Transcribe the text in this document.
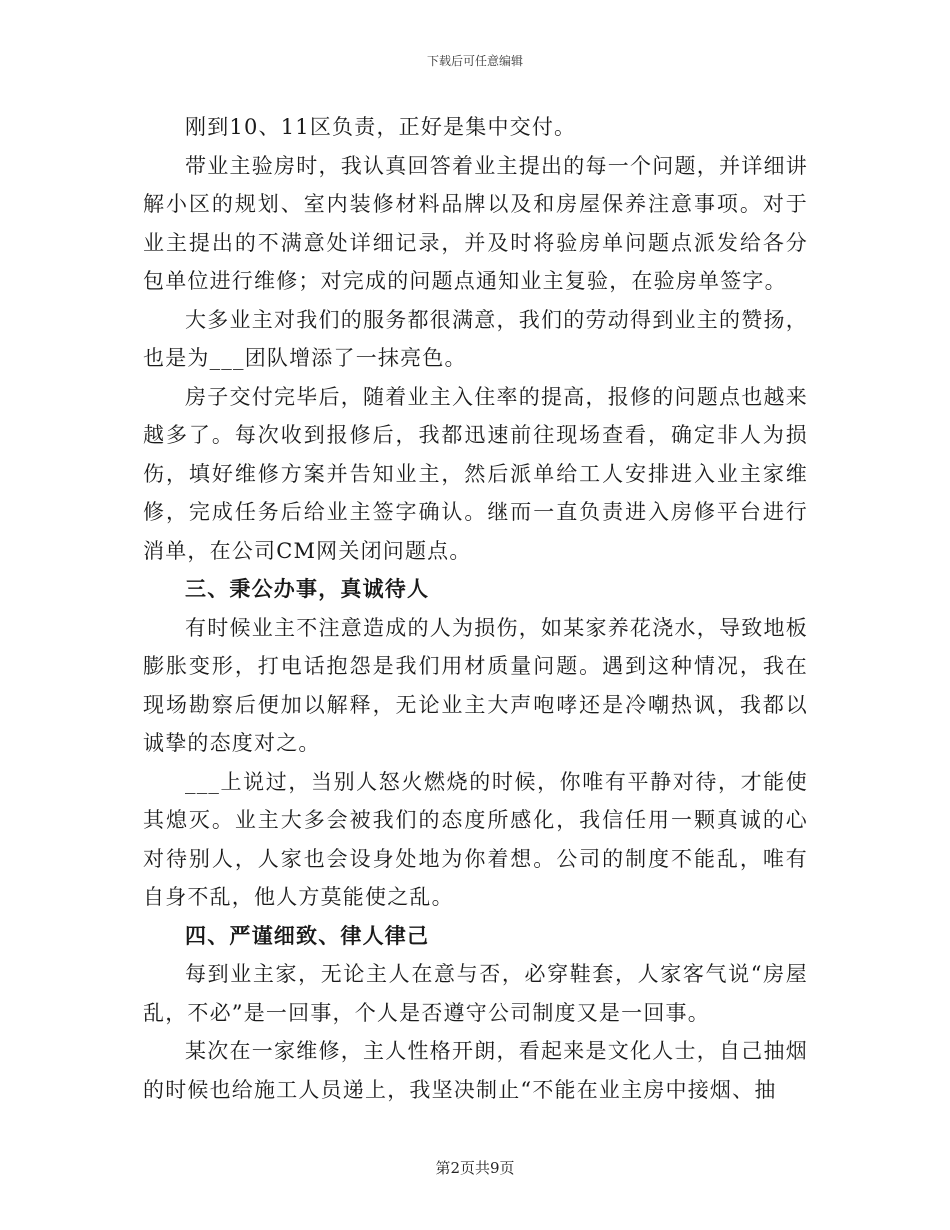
下载后可任意编辑

刚到10、11区负责，正好是集中交付。

带业主验房时，我认真回答着业主提出的每一个问题，并详细讲解小区的规划、室内装修材料品牌以及和房屋保养注意事项。对于业主提出的不满意处详细记录，并及时将验房单问题点派发给各分包单位进行维修；对完成的问题点通知业主复验，在验房单签字。

大多业主对我们的服务都很满意，我们的劳动得到业主的赞扬，也是为___团队增添了一抹亮色。

房子交付完毕后，随着业主入住率的提高，报修的问题点也越来越多了。每次收到报修后，我都迅速前往现场查看，确定非人为损伤，填好维修方案并告知业主，然后派单给工人安排进入业主家维修，完成任务后给业主签字确认。继而一直负责进入房修平台进行消单，在公司CM网关闭问题点。

三、秉公办事，真诚待人

有时候业主不注意造成的人为损伤，如某家养花浇水，导致地板膨胀变形，打电话抱怨是我们用材质量问题。遇到这种情况，我在现场勘察后便加以解释，无论业主大声咆哮还是冷嘲热讽，我都以诚挚的态度对之。

___上说过，当别人怒火燃烧的时候，你唯有平静对待，才能使其熄灭。业主大多会被我们的态度所感化，我信任用一颗真诚的心对待别人，人家也会设身处地为你着想。公司的制度不能乱，唯有自身不乱，他人方莫能使之乱。

四、严谨细致、律人律己

每到业主家，无论主人在意与否，必穿鞋套，人家客气说“房屋乱，不必”是一回事，个人是否遵守公司制度又是一回事。

某次在一家维修，主人性格开朗，看起来是文化人士，自己抽烟的时候也给施工人员递上，我坚决制止“不能在业主房中接烟、抽

第2页共9页
